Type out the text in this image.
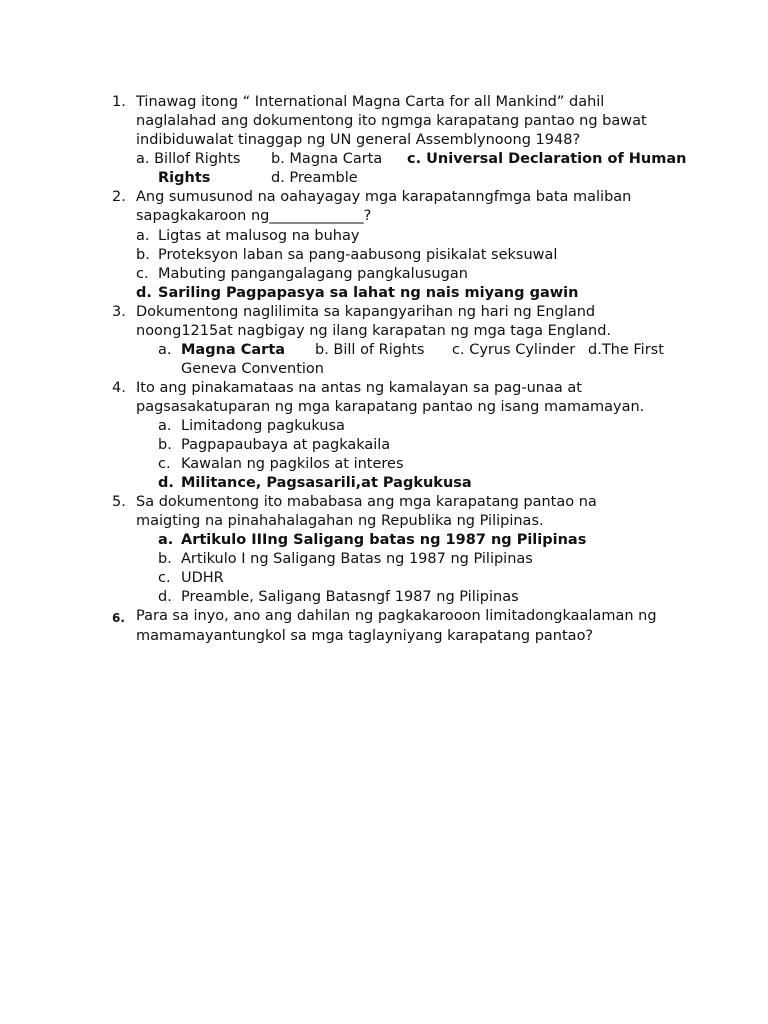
1. Tinawag itong “ International Magna Carta for all Mankind” dahil
naglalahad ang dokumentong ito ngmga karapatang pantao ng bawat
indibiduwalat tinaggap ng UN general Assemblynoong 1948?
a. Billof Rights b. Magna Carta c. Universal Declaration of Human
Rights	d. Preamble
2. Ang sumusunod na oahayagay mga karapatanngfmga bata maliban
sapagkakaroon ng_____________?
a. Ligtas at malusog na buhay
b. Proteksyon laban sa pang-aabusong pisikalat seksuwal
c. Mabuting pangangalagang pangkalusugan
d. Sariling Pagpapasya sa lahat ng nais miyang gawin
3. Dokumentong naglilimita sa kapangyarihan ng hari ng England
noong1215at nagbigay ng ilang karapatan ng mga taga England.
a. Magna Carta b. Bill of Rights c. Cyrus Cylinder d.The First
Geneva Convention
4. Ito ang pinakamataas na antas ng kamalayan sa pag-unaa at
pagsasakatuparan ng mga karapatang pantao ng isang mamamayan.
a. Limitadong pagkukusa
b. Pagpapaubaya at pagkakaila
c. Kawalan ng pagkilos at interes
d. Militance, Pagsasarili,at Pagkukusa
5. Sa dokumentong ito mababasa ang mga karapatang pantao na
maigting na pinahahalagahan ng Republika ng Pilipinas.
a. Artikulo IIIng Saligang batas ng 1987 ng Pilipinas
b. Artikulo I ng Saligang Batas ng 1987 ng Pilipinas
c. UDHR
d. Preamble, Saligang Batasngf 1987 ng Pilipinas
6. Para sa inyo, ano ang dahilan ng pagkakarooon limitadongkaalaman ng
mamamayantungkol sa mga taglayniyang karapatang pantao?
